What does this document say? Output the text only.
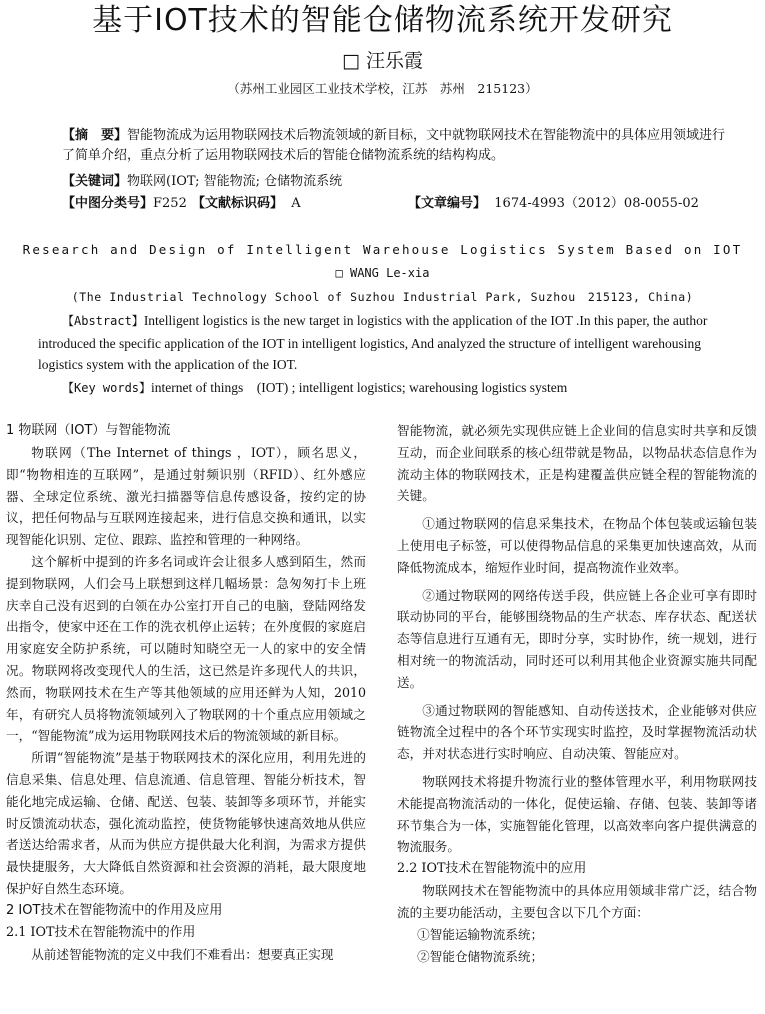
基于IOT技术的智能仓储物流系统开发研究
□ 汪乐霞
（苏州工业园区工业技术学校，江苏　苏州　215123）
【摘　要】智能物流成为运用物联网技术后物流领域的新目标，文中就物联网技术在智能物流中的具体应用领域进行了简单介绍，重点分析了运用物联网技术后的智能仓储物流系统的结构构成。
【关键词】物联网(IOT; 智能物流; 仓储物流系统
【中图分类号】F252 【文献标识码】 A	【文章编号】 1674-4993（2012）08-0055-02
Research and Design of Intelligent Warehouse Logistics System Based on IOT
□ WANG Le-xia
(The Industrial Technology School of Suzhou Industrial Park, Suzhou　215123, China)
【Abstract】Intelligent logistics is the new target in logistics with the application of the IOT .In this paper, the author introduced the specific application of the IOT in intelligent logistics, And analyzed the structure of intelligent warehousing logistics system with the application of the IOT.
【Key words】internet of things　(IOT) ; intelligent logistics; warehousing logistics system
1 物联网（IOT）与智能物流

物联网（The Internet of things ，IOT），顾名思义，即“物物相连的互联网”，是通过射频识别（RFID）、红外感应器、全球定位系统、激光扫描器等信息传感设备，按约定的协议，把任何物品与互联网连接起来，进行信息交换和通讯，以实现智能化识别、定位、跟踪、监控和管理的一种网络。

这个解析中提到的许多名词或许会让很多人感到陌生，然而提到物联网，人们会马上联想到这样几幅场景：急匆匆打卡上班庆幸自己没有迟到的白领在办公室打开自己的电脑，登陆网络发出指令，使家中还在工作的洗衣机停止运转；在外度假的家庭启用家庭安全防护系统，可以随时知晓空无一人的家中的安全情况。物联网将改变现代人的生活，这已然是许多现代人的共识，然而，物联网技术在生产等其他领域的应用还鲜为人知，2010年，有研究人员将物流领域列入了物联网的十个重点应用领域之一，“智能物流”成为运用物联网技术后的物流领域的新目标。

所谓“智能物流”是基于物联网技术的深化应用，利用先进的信息采集、信息处理、信息流通、信息管理、智能分析技术，智能化地完成运输、仓储、配送、包装、装卸等多项环节，并能实时反馈流动状态，强化流动监控，使货物能够快速高效地从供应者送达给需求者，从而为供应方提供最大化利润，为需求方提供最快捷服务，大大降低自然资源和社会资源的消耗，最大限度地保护好自然生态环境。

2 IOT技术在智能物流中的作用及应用
2.1 IOT技术在智能物流中的作用

从前述智能物流的定义中我们不难看出：想要真正实现

智能物流，就必须先实现供应链上企业间的信息实时共享和反馈互动，而企业间联系的核心纽带就是物品，以物品状态信息作为流动主体的物联网技术，正是构建覆盖供应链全程的智能物流的关键。

①通过物联网的信息采集技术，在物品个体包装或运输包装上使用电子标签，可以使得物品信息的采集更加快速高效，从而降低物流成本，缩短作业时间，提高物流作业效率。

②通过物联网的网络传送手段，供应链上各企业可享有即时联动协同的平台，能够围绕物品的生产状态、库存状态、配送状态等信息进行互通有无，即时分享，实时协作，统一规划，进行相对统一的物流活动，同时还可以利用其他企业资源实施共同配送。

③通过物联网的智能感知、自动传送技术，企业能够对供应链物流全过程中的各个环节实现实时监控，及时掌握物流活动状态，并对状态进行实时响应、自动决策、智能应对。

物联网技术将提升物流行业的整体管理水平，利用物联网技术能提高物流活动的一体化，促使运输、存储、包装、装卸等诸环节集合为一体，实施智能化管理，以高效率向客户提供满意的物流服务。

2.2 IOT技术在智能物流中的应用

物联网技术在智能物流中的具体应用领域非常广泛，结合物流的主要功能活动，主要包含以下几个方面：

①智能运输物流系统；
②智能仓储物流系统；
